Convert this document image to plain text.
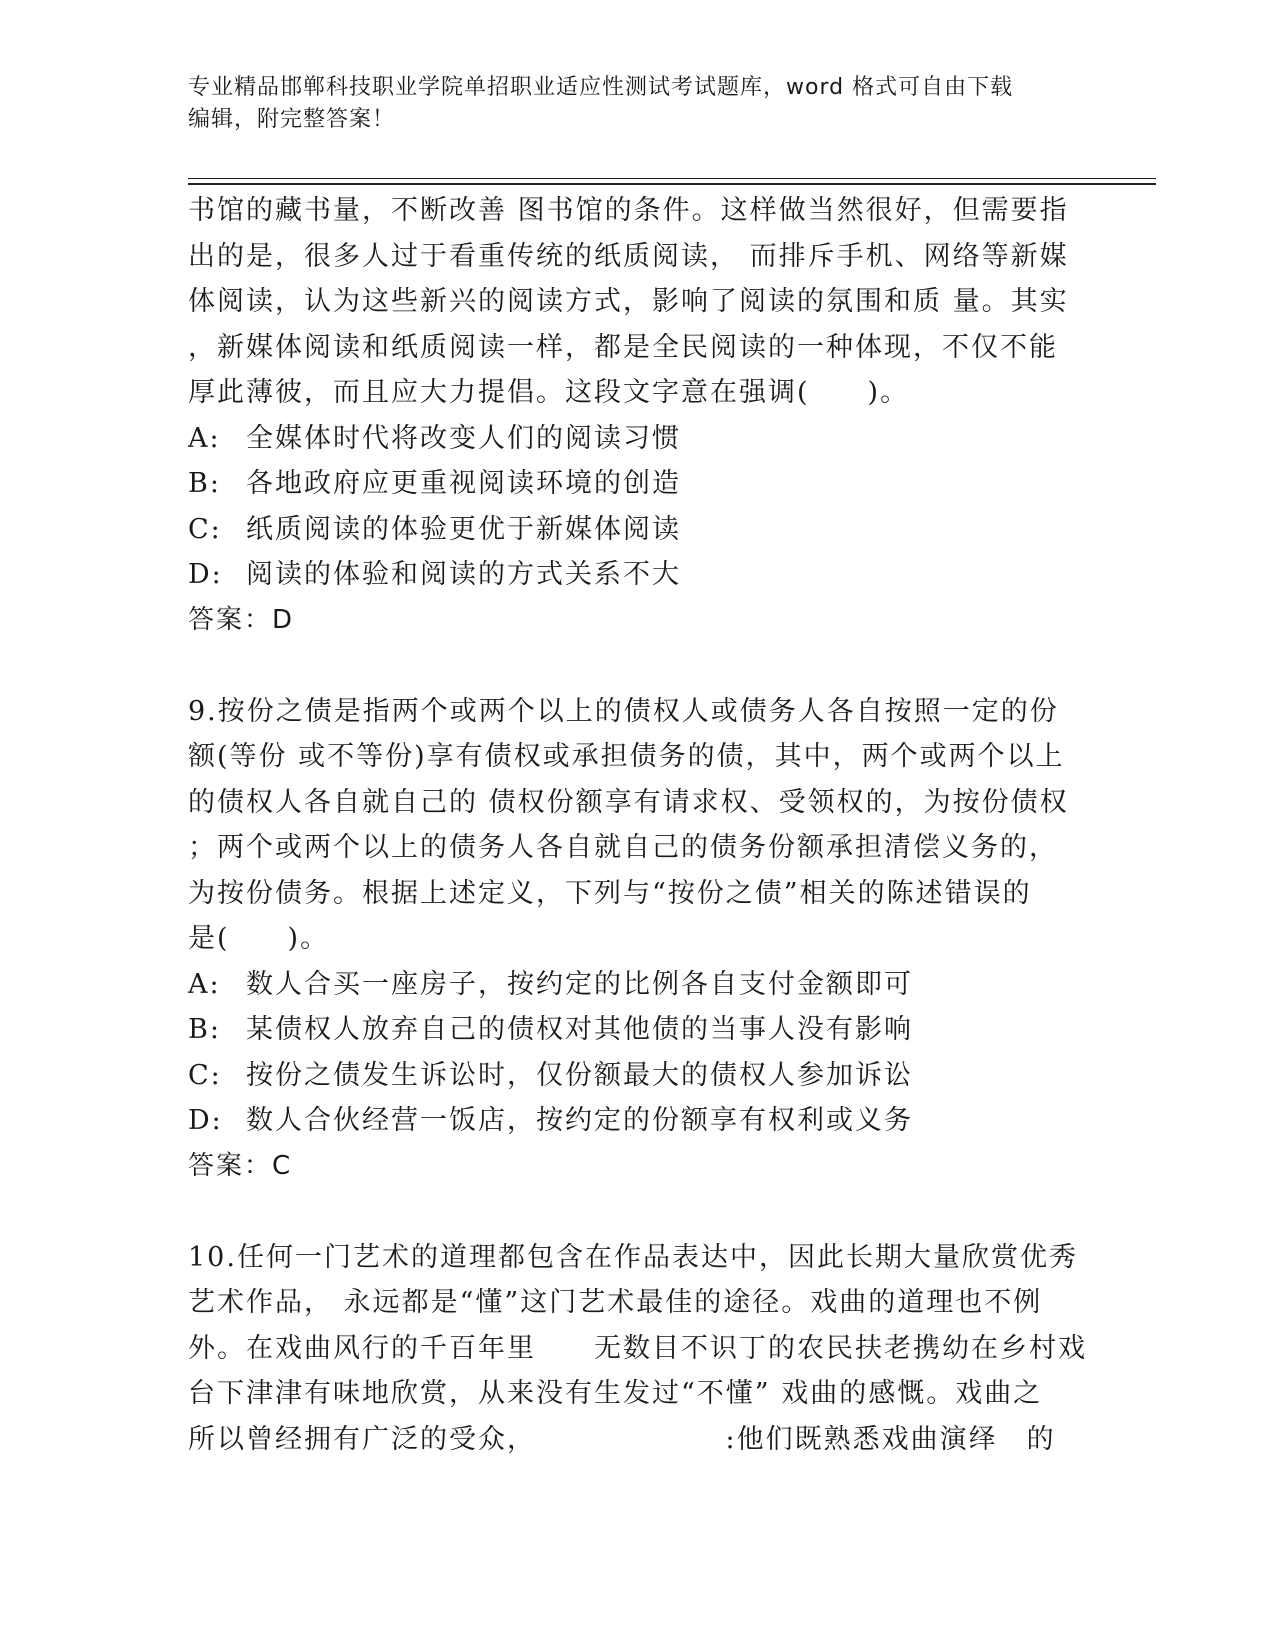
专业精品邯郸科技职业学院单招职业适应性测试考试题库，word 格式可自由下载
编辑，附完整答案！
书馆的藏书量，不断改善 图书馆的条件。这样做当然很好，但需要指
出的是，很多人过于看重传统的纸质阅读， 而排斥手机、网络等新媒
体阅读，认为这些新兴的阅读方式，影响了阅读的氛围和质 量。其实
，新媒体阅读和纸质阅读一样，都是全民阅读的一种体现，不仅不能
厚此薄彼，而且应大力提倡。这段文字意在强调(　　)。
A: 全媒体时代将改变人们的阅读习惯
B: 各地政府应更重视阅读环境的创造
C: 纸质阅读的体验更优于新媒体阅读
D: 阅读的体验和阅读的方式关系不大
答案：D
9.按份之债是指两个或两个以上的债权人或债务人各自按照一定的份
额(等份 或不等份)享有债权或承担债务的债，其中，两个或两个以上
的债权人各自就自己的 债权份额享有请求权、受领权的，为按份债权
；两个或两个以上的债务人各自就自己的债务份额承担清偿义务的，
为按份债务。根据上述定义，下列与“按份之债”相关的陈述错误的
是(　　)。
A: 数人合买一座房子，按约定的比例各自支付金额即可
B: 某债权人放弃自己的债权对其他债的当事人没有影响
C: 按份之债发生诉讼时，仅份额最大的债权人参加诉讼
D: 数人合伙经营一饭店，按约定的份额享有权利或义务
答案：C
10.任何一门艺术的道理都包含在作品表达中，因此长期大量欣赏优秀
艺术作品， 永远都是“懂”这门艺术最佳的途径。戏曲的道理也不例
外。在戏曲风行的千百年里　　无数目不识丁的农民扶老携幼在乡村戏
台下津津有味地欣赏，从来没有生发过“不懂” 戏曲的感慨。戏曲之
所以曾经拥有广泛的受众，　　　　　　　:他们既熟悉戏曲演绎　的
